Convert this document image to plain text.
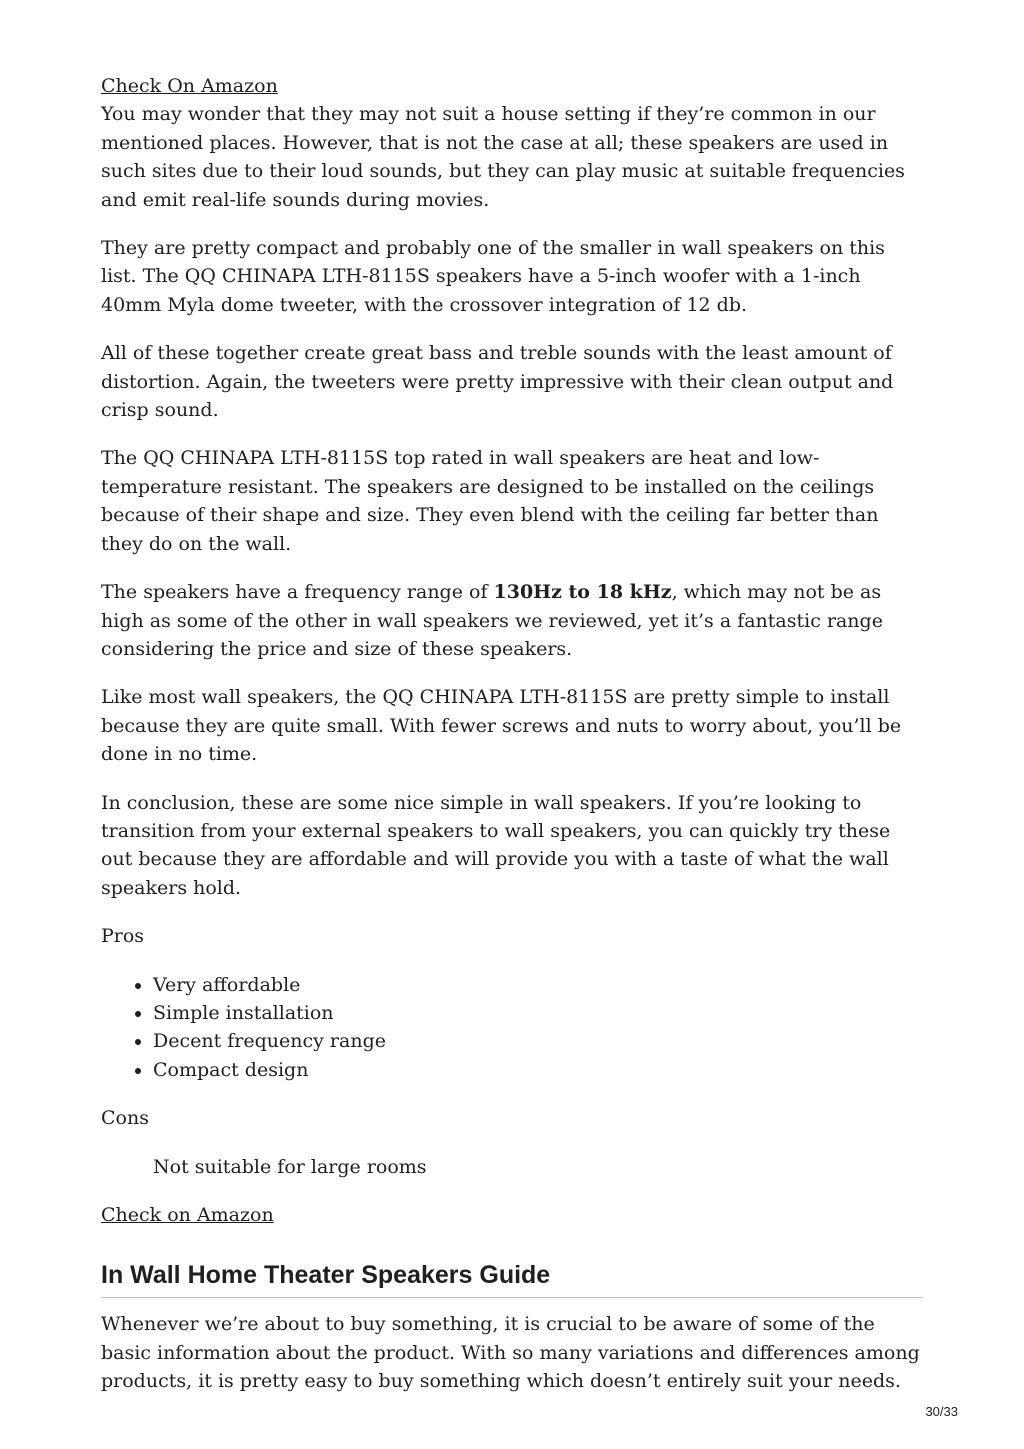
Check On Amazon

You may wonder that they may not suit a house setting if they’re common in our mentioned places. However, that is not the case at all; these speakers are used in such sites due to their loud sounds, but they can play music at suitable frequencies and emit real-life sounds during movies.

They are pretty compact and probably one of the smaller in wall speakers on this list. The QQ CHINAPA LTH-8115S speakers have a 5-inch woofer with a 1-inch 40mm Myla dome tweeter, with the crossover integration of 12 db.

All of these together create great bass and treble sounds with the least amount of distortion. Again, the tweeters were pretty impressive with their clean output and crisp sound.

The QQ CHINAPA LTH-8115S top rated in wall speakers are heat and low-temperature resistant. The speakers are designed to be installed on the ceilings because of their shape and size. They even blend with the ceiling far better than they do on the wall.

The speakers have a frequency range of 130Hz to 18 kHz, which may not be as high as some of the other in wall speakers we reviewed, yet it’s a fantastic range considering the price and size of these speakers.

Like most wall speakers, the QQ CHINAPA LTH-8115S are pretty simple to install because they are quite small. With fewer screws and nuts to worry about, you’ll be done in no time.

In conclusion, these are some nice simple in wall speakers. If you’re looking to transition from your external speakers to wall speakers, you can quickly try these out because they are affordable and will provide you with a taste of what the wall speakers hold.

Pros

• Very affordable
• Simple installation
• Decent frequency range
• Compact design

Cons

Not suitable for large rooms

Check on Amazon
In Wall Home Theater Speakers Guide

Whenever we’re about to buy something, it is crucial to be aware of some of the basic information about the product. With so many variations and differences among products, it is pretty easy to buy something which doesn’t entirely suit your needs.

30/33
